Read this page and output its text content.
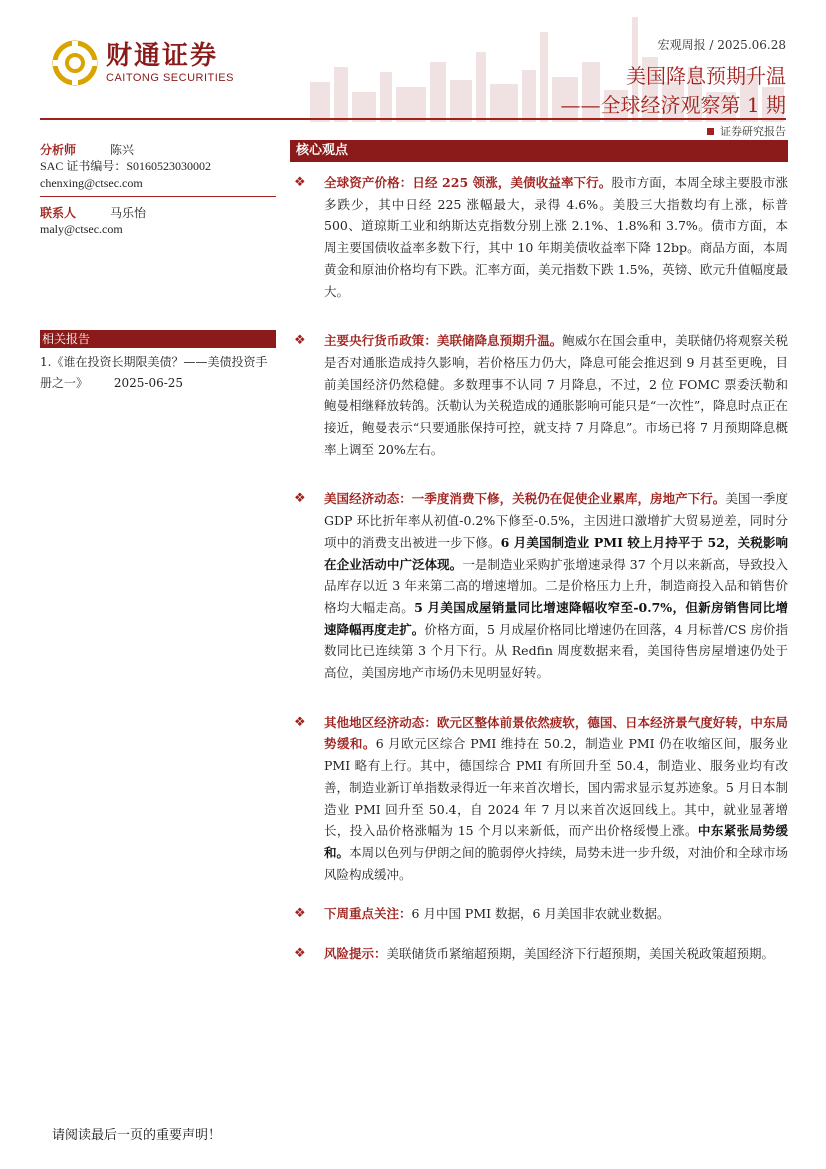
财通证券
CAITONG SECURITIES
宏观周报 / 2025.06.28
美国降息预期升温
——全球经济观察第 1 期
证券研究报告
分析师	陈兴
SAC 证书编号：S0160523030002
chenxing@ctsec.com
联系人	马乐怡
maly@ctsec.com
相关报告
1.《谁在投资长期限美债？——美债投资手册之一》 2025-06-25
核心观点
❖ 全球资产价格：日经 225 领涨，美债收益率下行。股市方面，本周全球主要股市涨多跌少，其中日经 225 涨幅最大，录得 4.6%。美股三大指数均有上涨，标普 500、道琼斯工业和纳斯达克指数分别上涨 2.1%、1.8%和 3.7%。债市方面，本周主要国债收益率多数下行，其中 10 年期美债收益率下降 12bp。商品方面，本周黄金和原油价格均有下跌。汇率方面，美元指数下跌 1.5%，英镑、欧元升值幅度最大。

❖ 主要央行货币政策：美联储降息预期升温。鲍威尔在国会重申，美联储仍将观察关税是否对通胀造成持久影响，若价格压力仍大，降息可能会推迟到 9 月甚至更晚，目前美国经济仍然稳健。多数理事不认同 7 月降息，不过，2 位 FOMC 票委沃勒和鲍曼相继释放转鸽。沃勒认为关税造成的通胀影响可能只是“一次性”，降息时点正在接近，鲍曼表示“只要通胀保持可控，就支持 7 月降息”。市场已将 7 月预期降息概率上调至 20%左右。

❖ 美国经济动态：一季度消费下修，关税仍在促使企业累库，房地产下行。美国一季度 GDP 环比折年率从初值-0.2%下修至-0.5%，主因进口激增扩大贸易逆差，同时分项中的消费支出被进一步下修。6 月美国制造业 PMI 较上月持平于 52，关税影响在企业活动中广泛体现。一是制造业采购扩张增速录得 37 个月以来新高，导致投入品库存以近 3 年来第二高的增速增加。二是价格压力上升，制造商投入品和销售价格均大幅走高。5 月美国成屋销量同比增速降幅收窄至-0.7%，但新房销售同比增速降幅再度走扩。价格方面，5 月成屋价格同比增速仍在回落，4 月标普/CS 房价指数同比已连续第 3 个月下行。从 Redfin 周度数据来看，美国待售房屋增速仍处于高位，美国房地产市场仍未见明显好转。

❖ 其他地区经济动态：欧元区整体前景依然疲软，德国、日本经济景气度好转，中东局势缓和。6 月欧元区综合 PMI 维持在 50.2，制造业 PMI 仍在收缩区间，服务业 PMI 略有上行。其中，德国综合 PMI 有所回升至 50.4，制造业、服务业均有改善，制造业新订单指数录得近一年来首次增长，国内需求显示复苏迹象。5 月日本制造业 PMI 回升至 50.4，自 2024 年 7 月以来首次返回线上。其中，就业显著增长，投入品价格涨幅为 15 个月以来新低，而产出价格绥慢上涨。中东紧张局势缓和。本周以色列与伊朗之间的脆弱停火持续，局势未进一步升级，对油价和全球市场风险构成缓冲。

❖ 下周重点关注：6 月中国 PMI 数据，6 月美国非农就业数据。

❖ 风险提示：美联储货币紧缩超预期，美国经济下行超预期，美国关税政策超预期。

请阅读最后一页的重要声明！
